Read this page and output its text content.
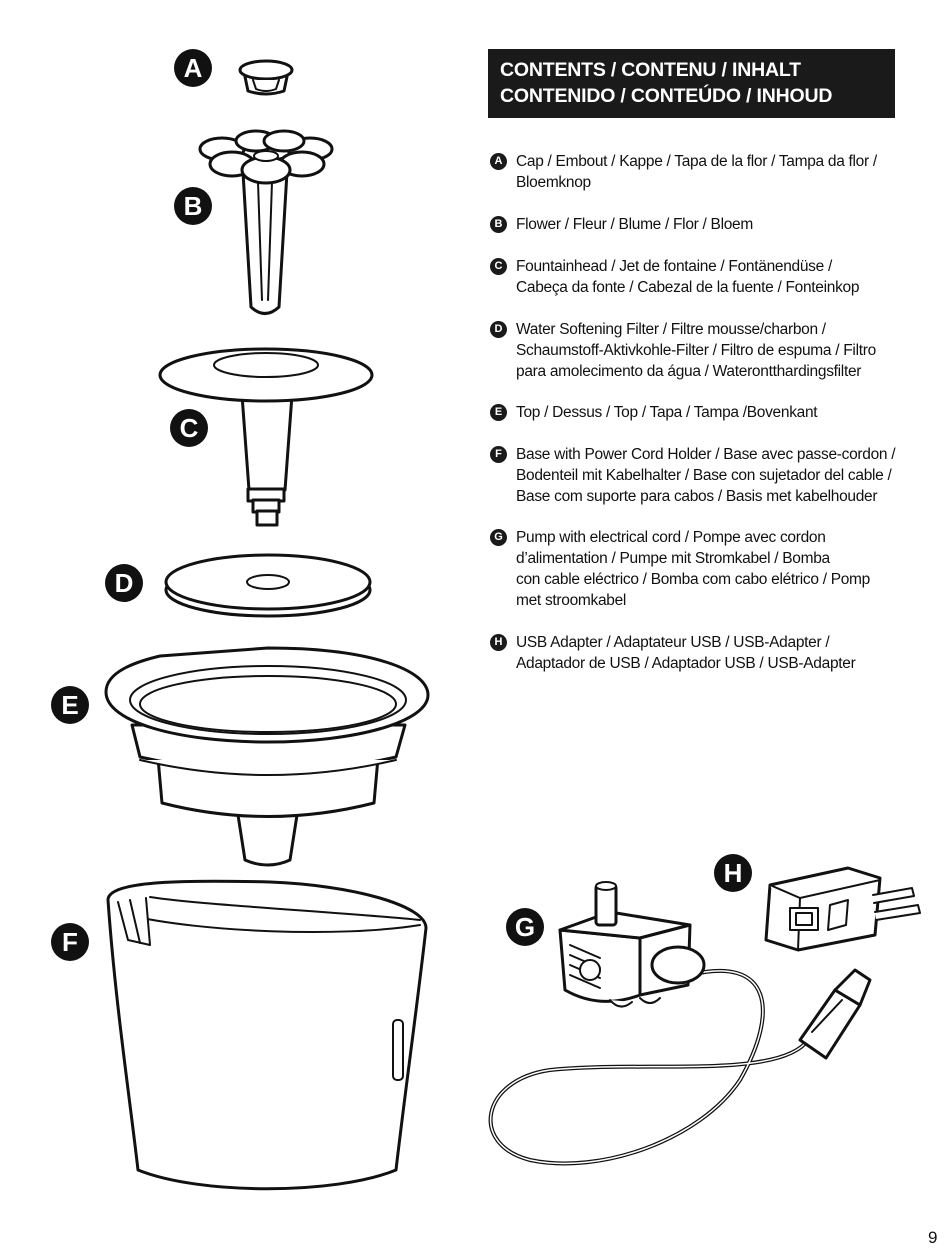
A
B
C
D
E
F	G
H
CONTENTS / CONTENU / INHALT
CONTENIDO / CONTEÚDO / INHOUD
A Cap / Embout / Kappe / Tapa de la flor / Tampa da flor /
Bloemknop
B Flower / Fleur / Blume / Flor / Bloem
C Fountainhead / Jet de fontaine / Fontänendüse /
Cabeça da fonte / Cabezal de la fuente / Fonteinkop
D Water Softening Filter / Filtre mousse/charbon /
Schaumstoff-Aktivkohle-Filter / Filtro de espuma / Filtro
para amolecimento da água / Waterontthardingsfilter
E Top / Dessus / Top / Tapa / Tampa /Bovenkant
F Base with Power Cord Holder / Base avec passe-cordon /
Bodenteil mit Kabelhalter / Base con sujetador del cable /
Base com suporte para cabos / Basis met kabelhouder
G Pump with electrical cord / Pompe avec cordon
d’alimentation / Pumpe mit Stromkabel / Bomba
con cable eléctrico / Bomba com cabo elétrico / Pomp
met stroomkabel
H USB Adapter / Adaptateur USB / USB-Adapter /
Adaptador de USB / Adaptador USB / USB-Adapter
9
